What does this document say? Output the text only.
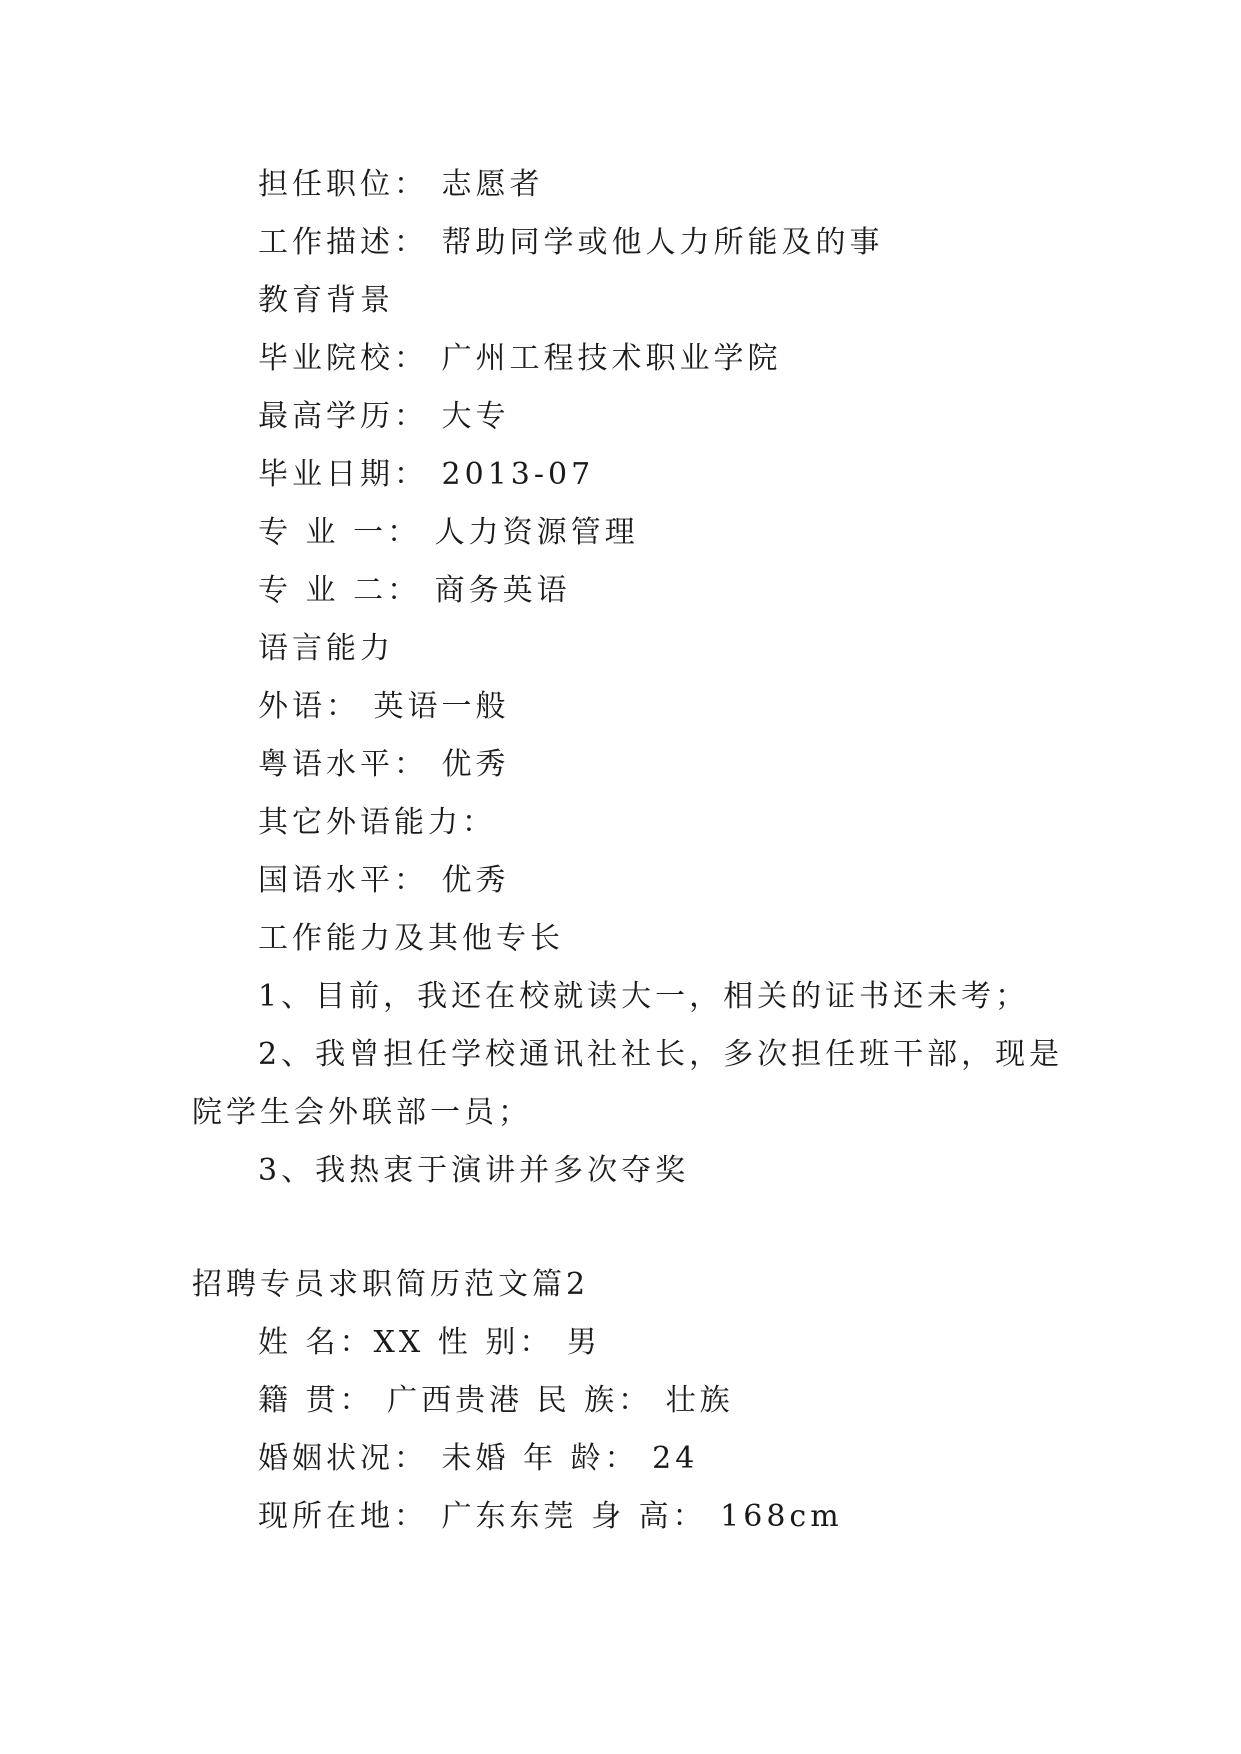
担任职位： 志愿者
工作描述： 帮助同学或他人力所能及的事
教育背景
毕业院校： 广州工程技术职业学院
最高学历： 大专
毕业日期： 2013-07
专 业 一： 人力资源管理
专 业 二： 商务英语
语言能力
外语： 英语一般
粤语水平： 优秀
其它外语能力：
国语水平： 优秀
工作能力及其他专长
1、目前，我还在校就读大一，相关的证书还未考；
2、我曾担任学校通讯社社长，多次担任班干部，现是
院学生会外联部一员；
3、我热衷于演讲并多次夺奖
招聘专员求职简历范文篇2
姓 名：XX 性 别： 男
籍 贯： 广西贵港 民 族： 壮族
婚姻状况： 未婚 年 龄： 24
现所在地： 广东东莞 身 高： 168cm
